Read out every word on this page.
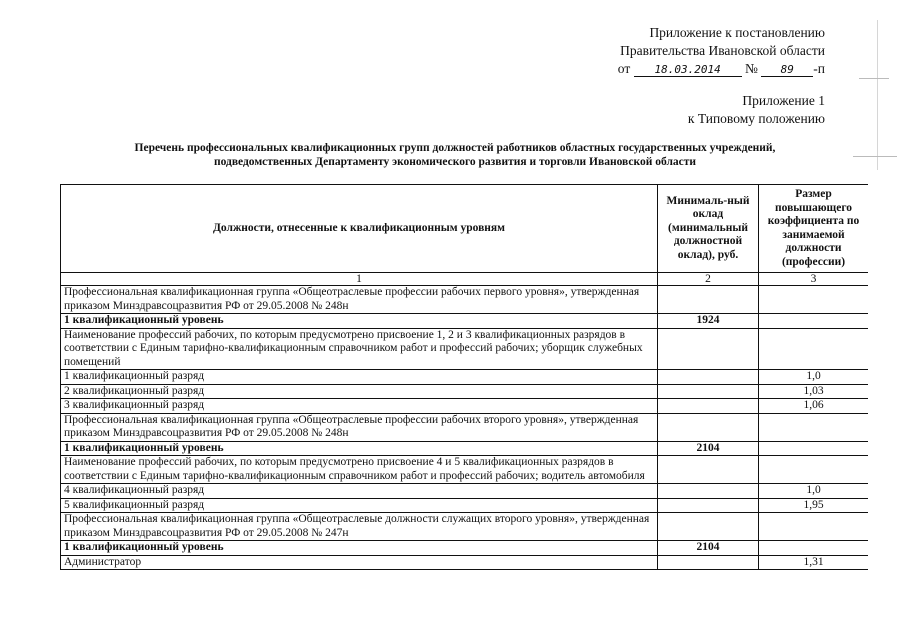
Приложение к постановлению
Правительства Ивановской области
от 18.03.2014 № 89 -п
Приложение 1
к Типовому положению
Перечень профессиональных квалификационных групп должностей работников областных государственных учреждений,
подведомственных Департаменту экономического развития и торговли Ивановской области
Должности, отнесенные к квалификационным уровням	Минималь-ный оклад (минимальный должностной оклад), руб.	Размер повышающего коэффициента по занимаемой должности (профессии)
1	2	3
Профессиональная квалификационная группа «Общеотраслевые профессии рабочих первого уровня», утвержденная приказом Минздравсоцразвития РФ от 29.05.2008 № 248н		
1 квалификационный уровень	1924	
Наименование профессий рабочих, по которым предусмотрено присвоение 1, 2 и 3 квалификационных разрядов в соответствии с Единым тарифно-квалификационным справочником работ и профессий рабочих; уборщик служебных помещений		
1 квалификационный разряд		1,0
2 квалификационный разряд		1,03
3 квалификационный разряд		1,06
Профессиональная квалификационная группа «Общеотраслевые профессии рабочих второго уровня», утвержденная приказом Минздравсоцразвития РФ от 29.05.2008 № 248н		
1 квалификационный уровень	2104	
Наименование профессий рабочих, по которым предусмотрено присвоение 4 и 5 квалификационных разрядов в соответствии с Единым тарифно-квалификационным справочником работ и профессий рабочих; водитель автомобиля		
4 квалификационный разряд		1,0
5 квалификационный разряд		1,95
Профессиональная квалификационная группа «Общеотраслевые должности служащих второго уровня», утвержденная приказом Минздравсоцразвития РФ от 29.05.2008 № 247н		
1 квалификационный уровень	2104	
Администратор		1,31
